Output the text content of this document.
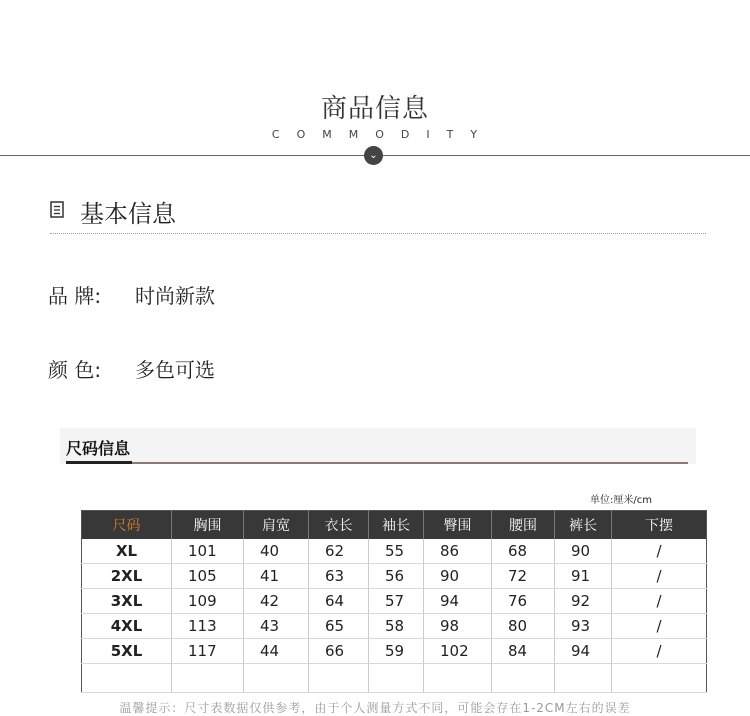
商品信息
COMMODITY
⌄
基本信息
品 牌: 时尚新款
颜 色: 多色可选
尺码信息
单位:厘米/cm
尺码	胸围	肩宽	衣长	袖长	臀围	腰围	裤长	下摆
XL	101	40	62	55	86	68	90	/
2XL	105	41	63	56	90	72	91	/
3XL	109	42	64	57	94	76	92	/
4XL	113	43	65	58	98	80	93	/
5XL	117	44	66	59	102	84	94	/

温馨提示：尺寸表数据仅供参考，由于个人测量方式不同，可能会存在1-2CM左右的误差
